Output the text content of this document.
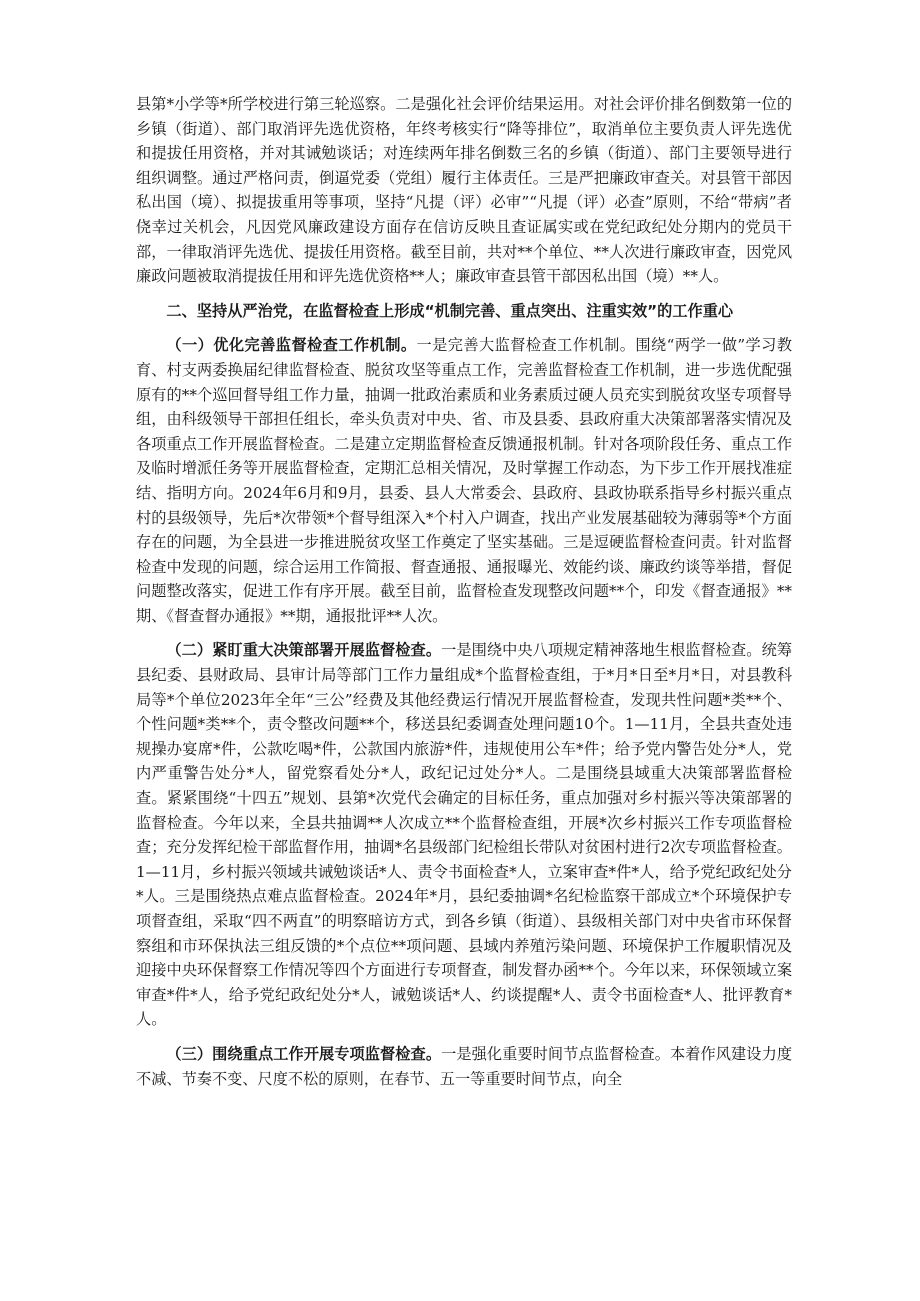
县第*小学等*所学校进行第三轮巡察。二是强化社会评价结果运用。对社会评价排名倒数第一位的乡镇（街道）、部门取消评先选优资格，年终考核实行“降等排位”，取消单位主要负责人评先选优和提拔任用资格，并对其诫勉谈话；对连续两年排名倒数三名的乡镇（街道）、部门主要领导进行组织调整。通过严格问责，倒逼党委（党组）履行主体责任。三是严把廉政审查关。对县管干部因私出国（境）、拟提拔重用等事项，坚持“凡提（评）必审”“凡提（评）必查”原则，不给“带病”者侥幸过关机会，凡因党风廉政建设方面存在信访反映且查证属实或在党纪政纪处分期内的党员干部，一律取消评先选优、提拔任用资格。截至目前，共对**个单位、**人次进行廉政审查，因党风廉政问题被取消提拔任用和评先选优资格**人；廉政审查县管干部因私出国（境）**人。

二、坚持从严治党，在监督检查上形成“机制完善、重点突出、注重实效”的工作重心

（一）优化完善监督检查工作机制。一是完善大监督检查工作机制。围绕“两学一做”学习教育、村支两委换届纪律监督检查、脱贫攻坚等重点工作，完善监督检查工作机制，进一步选优配强原有的**个巡回督导组工作力量，抽调一批政治素质和业务素质过硬人员充实到脱贫攻坚专项督导组，由科级领导干部担任组长，牵头负责对中央、省、市及县委、县政府重大决策部署落实情况及各项重点工作开展监督检查。二是建立定期监督检查反馈通报机制。针对各项阶段任务、重点工作及临时增派任务等开展监督检查，定期汇总相关情况，及时掌握工作动态，为下步工作开展找准症结、指明方向。2024年6月和9月，县委、县人大常委会、县政府、县政协联系指导乡村振兴重点村的县级领导，先后*次带领*个督导组深入*个村入户调查，找出产业发展基础较为薄弱等*个方面存在的问题，为全县进一步推进脱贫攻坚工作奠定了坚实基础。三是逗硬监督检查问责。针对监督检查中发现的问题，综合运用工作简报、督查通报、通报曝光、效能约谈、廉政约谈等举措，督促问题整改落实，促进工作有序开展。截至目前，监督检查发现整改问题**个，印发《督查通报》**期、《督查督办通报》**期，通报批评**人次。

（二）紧盯重大决策部署开展监督检查。一是围绕中央八项规定精神落地生根监督检查。统筹县纪委、县财政局、县审计局等部门工作力量组成*个监督检查组，于*月*日至*月*日，对县教科局等*个单位2023年全年“三公”经费及其他经费运行情况开展监督检查，发现共性问题*类**个、个性问题*类**个，责令整改问题**个，移送县纪委调查处理问题10个。1—11月，全县共查处违规操办宴席*件，公款吃喝*件，公款国内旅游*件，违规使用公车*件；给予党内警告处分*人，党内严重警告处分*人，留党察看处分*人，政纪记过处分*人。二是围绕县域重大决策部署监督检查。紧紧围绕“十四五”规划、县第*次党代会确定的目标任务，重点加强对乡村振兴等决策部署的监督检查。今年以来，全县共抽调**人次成立**个监督检查组，开展*次乡村振兴工作专项监督检查；充分发挥纪检干部监督作用，抽调*名县级部门纪检组长带队对贫困村进行2次专项监督检查。1—11月，乡村振兴领域共诫勉谈话*人、责令书面检查*人，立案审查*件*人，给予党纪政纪处分*人。三是围绕热点难点监督检查。2024年*月，县纪委抽调*名纪检监察干部成立*个环境保护专项督查组，采取“四不两直”的明察暗访方式，到各乡镇（街道）、县级相关部门对中央省市环保督察组和市环保执法三组反馈的*个点位**项问题、县域内养殖污染问题、环境保护工作履职情况及迎接中央环保督察工作情况等四个方面进行专项督查，制发督办函**个。今年以来，环保领域立案审查*件*人，给予党纪政纪处分*人，诫勉谈话*人、约谈提醒*人、责令书面检查*人、批评教育*人。

（三）围绕重点工作开展专项监督检查。一是强化重要时间节点监督检查。本着作风建设力度不减、节奏不变、尺度不松的原则，在春节、五一等重要时间节点，向全
